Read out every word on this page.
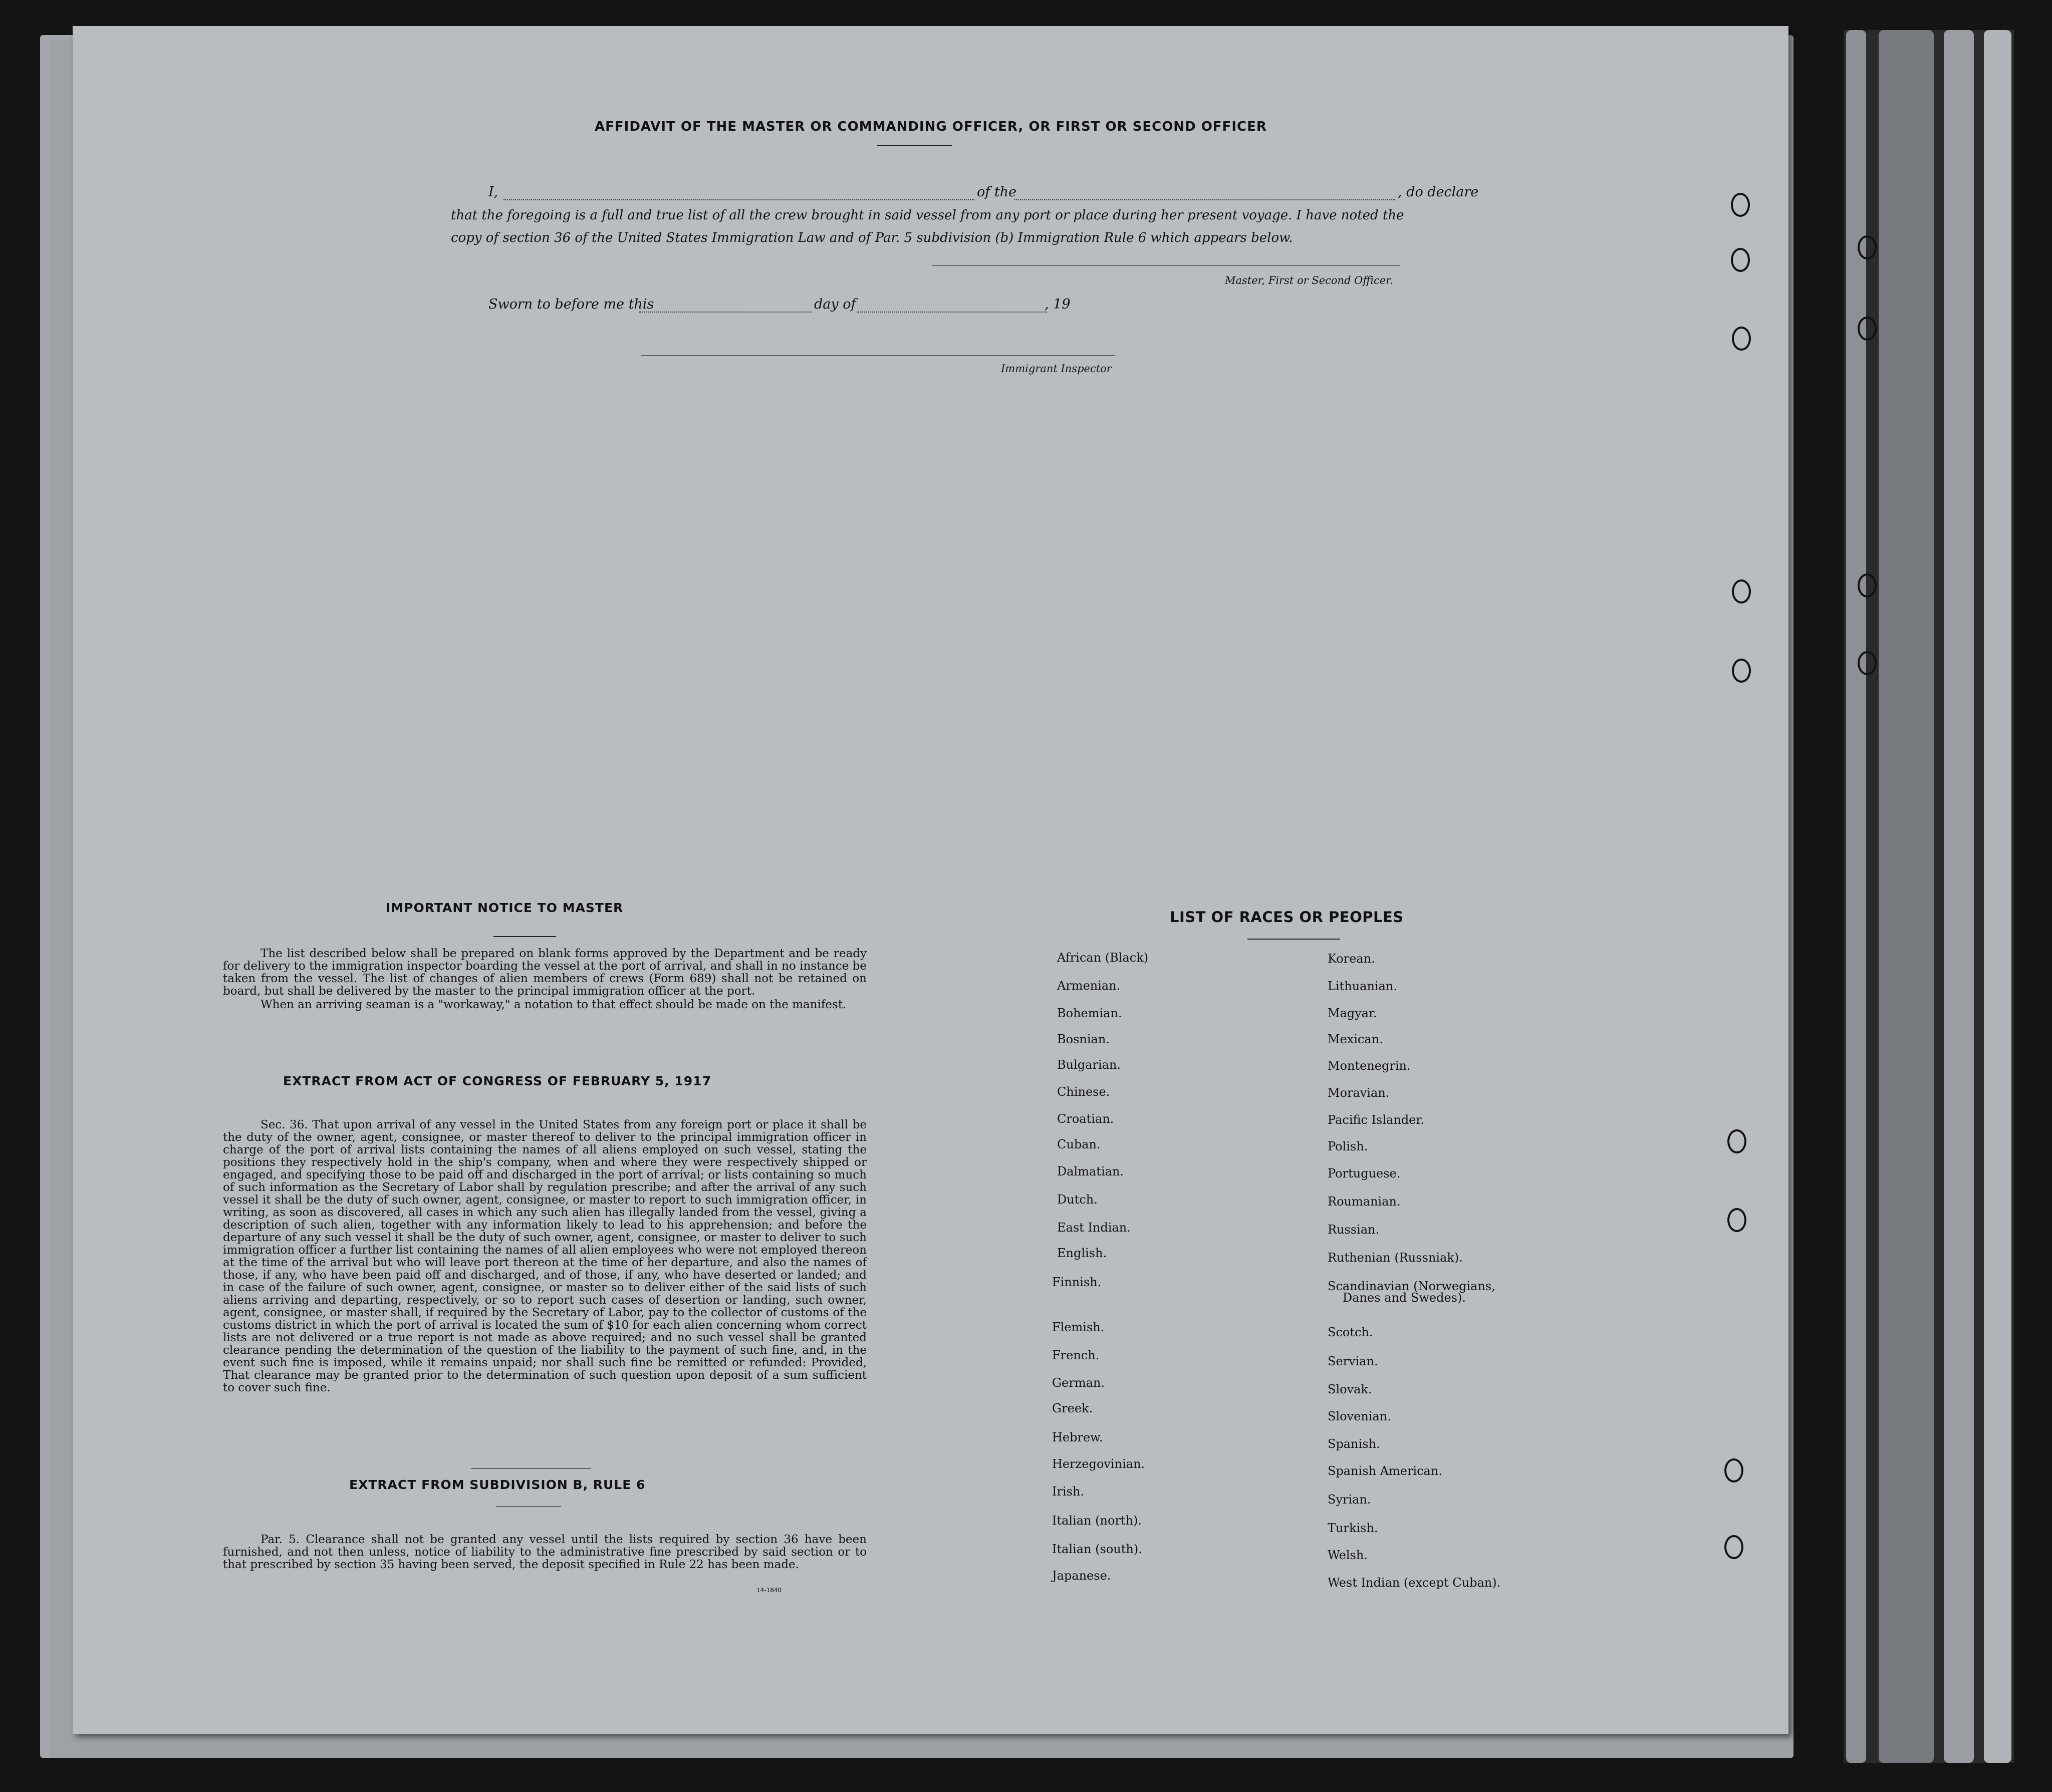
AFFIDAVIT OF THE MASTER OR COMMANDING OFFICER, OR FIRST OR SECOND OFFICER
I,	of the	, do declare
that the foregoing is a full and true list of all the crew brought in said vessel from any port or place during her present voyage. I have noted the
copy of section 36 of the United States Immigration Law and of Par. 5 subdivision (b) Immigration Rule 6 which appears below.
Master, First or Second Officer.
Sworn to before me this	day of	, 19
Immigrant Inspector
IMPORTANT NOTICE TO MASTER
The list described below shall be prepared on blank forms approved by the Department and be ready for delivery to the immigration inspector boarding the vessel at the port of arrival, and shall in no instance be taken from the vessel. The list of changes of alien members of crews (Form 689) shall not be retained on board, but shall be delivered by the master to the principal immigration officer at the port.
When an arriving seaman is a "workaway," a notation to that effect should be made on the manifest.
EXTRACT FROM ACT OF CONGRESS OF FEBRUARY 5, 1917
Sec. 36. That upon arrival of any vessel in the United States from any foreign port or place it shall be the duty of the owner, agent, consignee, or master thereof to deliver to the principal immigration officer in charge of the port of arrival lists containing the names of all aliens employed on such vessel, stating the positions they respectively hold in the ship's company, when and where they were respectively shipped or engaged, and specifying those to be paid off and discharged in the port of arrival; or lists containing so much of such information as the Secretary of Labor shall by regulation prescribe; and after the arrival of any such vessel it shall be the duty of such owner, agent, consignee, or master to report to such immigration officer, in writing, as soon as discovered, all cases in which any such alien has illegally landed from the vessel, giving a description of such alien, together with any information likely to lead to his apprehension; and before the departure of any such vessel it shall be the duty of such owner, agent, consignee, or master to deliver to such immigration officer a further list containing the names of all alien employees who were not employed thereon at the time of the arrival but who will leave port thereon at the time of her departure, and also the names of those, if any, who have been paid off and discharged, and of those, if any, who have deserted or landed; and in case of the failure of such owner, agent, consignee, or master so to deliver either of the said lists of such aliens arriving and departing, respectively, or so to report such cases of desertion or landing, such owner, agent, consignee, or master shall, if required by the Secretary of Labor, pay to the collector of customs of the customs district in which the port of arrival is located the sum of $10 for each alien concerning whom correct lists are not delivered or a true report is not made as above required; and no such vessel shall be granted clearance pending the determination of the question of the liability to the payment of such fine, and, in the event such fine is imposed, while it remains unpaid; nor shall such fine be remitted or refunded: Provided, That clearance may be granted prior to the determination of such question upon deposit of a sum sufficient to cover such fine.
EXTRACT FROM SUBDIVISION B, RULE 6
Par. 5. Clearance shall not be granted any vessel until the lists required by section 36 have been furnished, and not then unless, notice of liability to the administrative fine prescribed by said section or to that prescribed by section 35 having been served, the deposit specified in Rule 22 has been made.
14-1840
LIST OF RACES OR PEOPLES
African (Black)
Armenian.
Bohemian.
Bosnian.
Bulgarian.
Chinese.
Croatian.
Cuban.
Dalmatian.
Dutch.
East Indian.
English.
Finnish.
Flemish.
French.
German.
Greek.
Hebrew.
Herzegovinian.
Irish.
Italian (north).
Italian (south).
Japanese.
Korean.
Lithuanian.
Magyar.
Mexican.
Montenegrin.
Moravian.
Pacific Islander.
Polish.
Portuguese.
Roumanian.
Russian.
Ruthenian (Russniak).
Scandinavian (Norwegians,
Danes and Swedes).
Scotch.
Servian.
Slovak.
Slovenian.
Spanish.
Spanish American.
Syrian.
Turkish.
Welsh.
West Indian (except Cuban).
